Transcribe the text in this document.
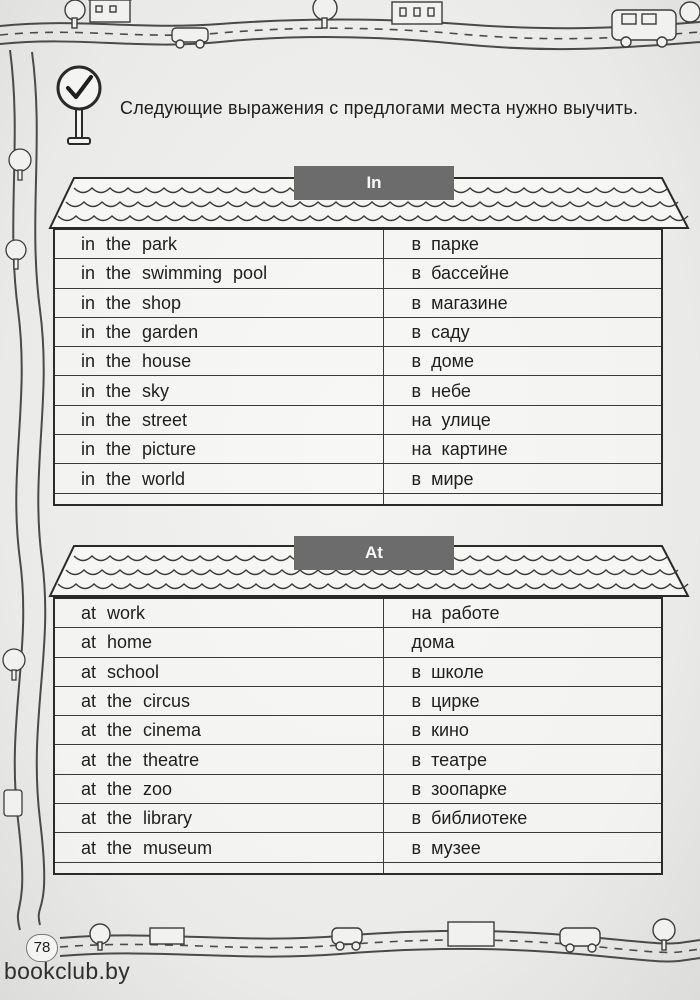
Следующие выражения с предлогами места нужно выучить.

In
in the park	в парке
in the swimming pool	в бассейне
in the shop	в магазине
in the garden	в саду
in the house	в доме
in the sky	в небе
in the street	на улице
in the picture	на картине
in the world	в мире

At
at work	на работе
at home	дома
at school	в школе
at the circus	в цирке
at the cinema	в кино
at the theatre	в театре
at the zoo	в зоопарке
at the library	в библиотеке
at the museum	в музее

78
bookclub.by
